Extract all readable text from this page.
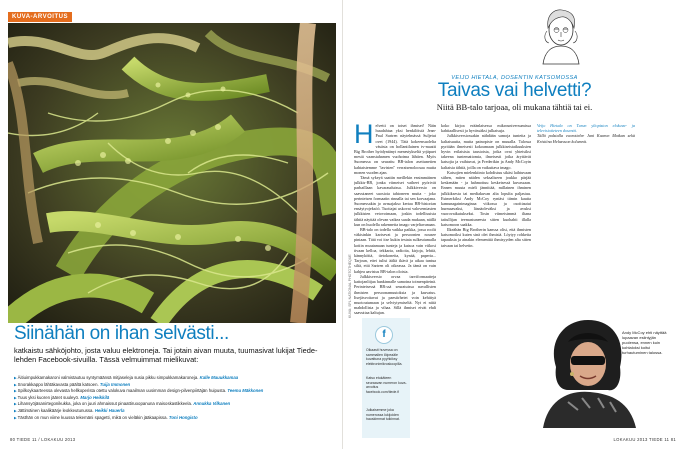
KUVA-ARVOITUS
Siinähän on ihan selvästi...
katkaistu sähköjohto, josta valuu elektroneja. Tai jotain aivan muuta, tuumasivat lukijat Tiede-lehden Facebook-sivuilla. Tässä velmuimmat mielikuvat:
▶ Äitiuimpukkamakaroni valmistautuu syntymäänsä mitjaseleja susia pikku simpukkamakaroneja. Kalle Mauukkamaa
▶ Snorakkappo lähtäkavasta päältä katsoen. Tuija Immonen
▶ Spilkoykaarteessa olevasta hellkoperista otettu valokuva maailman uusimman design-pilvenpiirtäjän huipusta. Teemu Mäkkonen
▶ Tuus yksi kuoren jääret suuleyö. Marjo Heikkilä
▶ Lihansyöjäsanirtegonikukka, joka on juuri ahmaissut pinaattiruoopanuna maisoskastikkeela. Annukka Vilkanen
▶ Jättimäinen kaalikäärje leokkeutunussa. Heikki Hauerla
▶ Tästhän on mun viime kuussa tekemäni spagetti, mikä on vieläkin jääkaapissa. Toni Hongisto
80 TIEDE 11 / LOKAKUU 2013	LOKAKUU 2013 TIEDE 11 81
f

Olkaasti huvessa on sammalien löipeaäle kuvattuna pyyhkiksy elektronimikroskoopilla.

Katso etukäteen seuraavan numeron kuva-arvoitus facebook.com/tiede.fi

Julkaisemme joka numerossa lukijoiden hauskimmat tulkinnat.

KUVA: SPL NATIONAL PHOTOTHEQUE
VEIJO HIETALA, DOSENTIN KATSOMOSSA
Taivas vai helvetti?
Niitä BB-talo tarjoaa, oli mukana tähtiä tai ei.

Helvetti on toiset ihmiset! Näin huudahtaa yksi henkilöistä Jean-Paul Sartren näytelmässä Suljetut ovet (1944). Tätä kokeensuolelta väsästa on hollantilainen tv-maatti Big Brother hyödyntänyt menestykseltä yrjäpuet mestä vaanstahamen vuohoima lähtien. Myös Suomessa on seurattu BB-talon asettunetien kahtaistemme "tavisten" verraisenoloosaa mutta monen vuoden ajan.

Tämä sykeyä saattin meillekin ensimmäinen julkkis-BB, jonka viimeiset vaiheet pyörivät parhaillaan kavarauduissa. Julkkiversio on saavutaneet suosioia tahtoneen mutta - joko perinteisen formaatin rinnalla tai sen korvaajana. Suomessakin jo avasajakso kertaa BB-historian ensäytyojeksöö. Tuottajat uskovat valovemiasten julkkisten vetovoimaan, joskin todellisuista tähtiä näyttää olevan vaikea saada mukaan, näillä kun on huolella rakennetta imago varjeltavanaan.

BB-talo on todella vaikka paikka, jossa roolit väkisinkin karisevat ja persoonien nousee pintaan. Tätä voi itse kukin testata sulkeutumalla kotiin muutamaan tunteja ja katsoa vain viikosi tivaan kelloa, tekkaria, radioita, kirjoja, lehtiä, kännyköitä, tietokoneita, kynää, paperia... Tarjoun, ettei tulisi ääliä ikävä ja aikaa tuntua siltä, että Sartren oli oikeassa. Ja tämä on vain kahjea aavistus BB-talon oloista.

Julkkisversio orvaa tarviformaatteja kattojanliijaa hankinnalle samoina toimenpiteinä. Perinteisessä BB:ssä seuratuissa navallisten ihmisten persoonamuutoksia ja kasvatus. Itsejäsvoitavat ja paesiirheiet voin kehittyä muotoutumaan ja selviytymiseltä. Nyt ei niitä mahdollista ja vihaa. Sillä ihmiset eivät ehdi saavuttaa kaltujan.

koko kirjoa eräänlaisessa mikrouniversumissa kahtiaallisesti ja hyvässäksi julkaisuja.

Julkkisversiossakin nähdään samoja tunteita ja kaltaisuutta, mutta painopiste on muualla. Talossa pyritään ilmeisesti kokoamaan julkkiseistaikuuksien hyvin erilaisista taustoista, jotka ovat yhteisiksi takeena tuntemattomia, ilmeisesti jotka äryttävät katsojia ja vaihtuvat, ja Frederikin ja Andy McCoyin kaltaisia tähtiä, joilla on vaikuttava imago.

Katsojien mielenkiinto kohdistuu sikäsi laihtuvaan siihen, miten näiden seksaliseen joukko pärjää keskenään - ja hahmottuu keskeisessä kuvassaan. Ennen muuta mieli jännittää, millainen ihminen julkkiksesta tai mediakuvan alta lopulta paljastuu. Esimerkiksi Andy McCoy ryntäsi tiimin kautta kamunagainimaginaa viikossa ja osoittautui hurmaavaksi, läsnäoleväksi ja avuksi vuorovaikutukseksi. Tosin viimeisimmä iltana taitullijan teemastuneesta sitten kuohahti illalla katsomoon saakka.

Ilkeähän Big Brotherin kanssa olisi, että ihmisten katsomoiksi kuten sinä olet ihmisiä. Löytyy rohkeita tapauksia ja ainakin elementtiä ihmisyyden alta sitten taivaan tai helvetin.

Veijo Hietala on Turun yliopiston elokuva- ja televisiotieteen dosentti.

Tällä palstalla vuorottelee Jani Kaaron Matkan sekä Kristiina Helasvuon kolumnit.

Andy McCoy ehti näyttää lupaavan esiintyjän puolensa, ennen kuin kohtaloksi koitui turhautuminen talossa.
